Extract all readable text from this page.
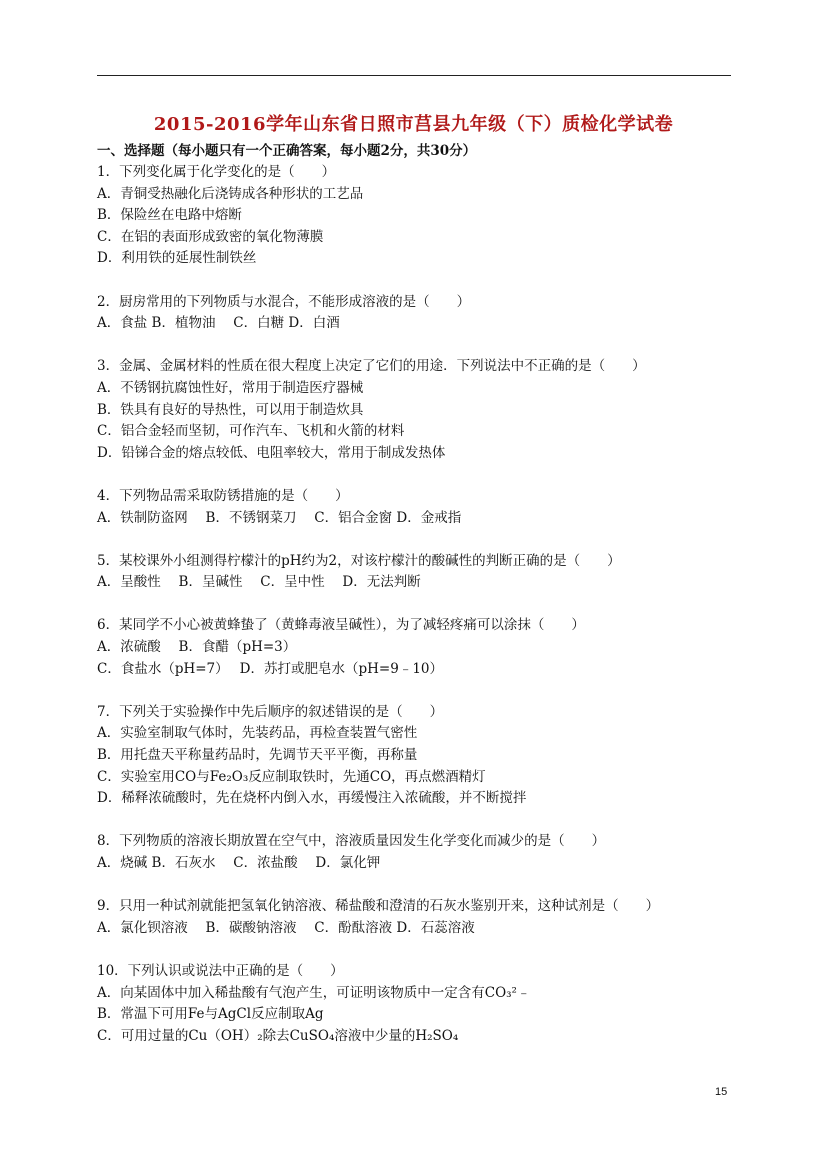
2015-2016学年山东省日照市莒县九年级（下）质检化学试卷
一、选择题（每小题只有一个正确答案，每小题2分，共30分）
1．下列变化属于化学变化的是（　　）
A．青铜受热融化后浇铸成各种形状的工艺品
B．保险丝在电路中熔断
C．在铝的表面形成致密的氧化物薄膜
D．利用铁的延展性制铁丝
2．厨房常用的下列物质与水混合，不能形成溶液的是（　　）
A．食盐 B．植物油　 C．白糖 D．白酒
3．金属、金属材料的性质在很大程度上决定了它们的用途．下列说法中不正确的是（　　）
A．不锈钢抗腐蚀性好，常用于制造医疗器械
B．铁具有良好的导热性，可以用于制造炊具
C．铝合金轻而坚韧，可作汽车、飞机和火箭的材料
D．铅锑合金的熔点较低、电阻率较大，常用于制成发热体
4．下列物品需采取防锈措施的是（　　）
A．铁制防盗网　 B．不锈钢菜刀　 C．铝合金窗 D．金戒指
5．某校课外小组测得柠檬汁的pH约为2，对该柠檬汁的酸碱性的判断正确的是（　　）
A．呈酸性　 B．呈碱性　 C．呈中性　 D．无法判断
6．某同学不小心被黄蜂蛰了（黄蜂毒液呈碱性），为了减轻疼痛可以涂抹（　　）
A．浓硫酸　 B．食醋（pH=3）
C．食盐水（pH=7）　 D．苏打或肥皂水（pH=9﹣10）
7．下列关于实验操作中先后顺序的叙述错误的是（　　）
A．实验室制取气体时，先装药品，再检查装置气密性
B．用托盘天平称量药品时，先调节天平平衡，再称量
C．实验室用CO与Fe₂O₃反应制取铁时，先通CO，再点燃酒精灯
D．稀释浓硫酸时，先在烧杯内倒入水，再缓慢注入浓硫酸，并不断搅拌
8．下列物质的溶液长期放置在空气中，溶液质量因发生化学变化而减少的是（　　）
A．烧碱 B．石灰水　 C．浓盐酸　 D．氯化钾
9．只用一种试剂就能把氢氧化钠溶液、稀盐酸和澄清的石灰水鉴别开来，这种试剂是（　　）
A．氯化钡溶液　 B．碳酸钠溶液　 C．酚酞溶液 D．石蕊溶液
10．下列认识或说法中正确的是（　　）
A．向某固体中加入稀盐酸有气泡产生，可证明该物质中一定含有CO₃²﹣
B．常温下可用Fe与AgCl反应制取Ag
C．可用过量的Cu（OH）₂除去CuSO₄溶液中少量的H₂SO₄
15
